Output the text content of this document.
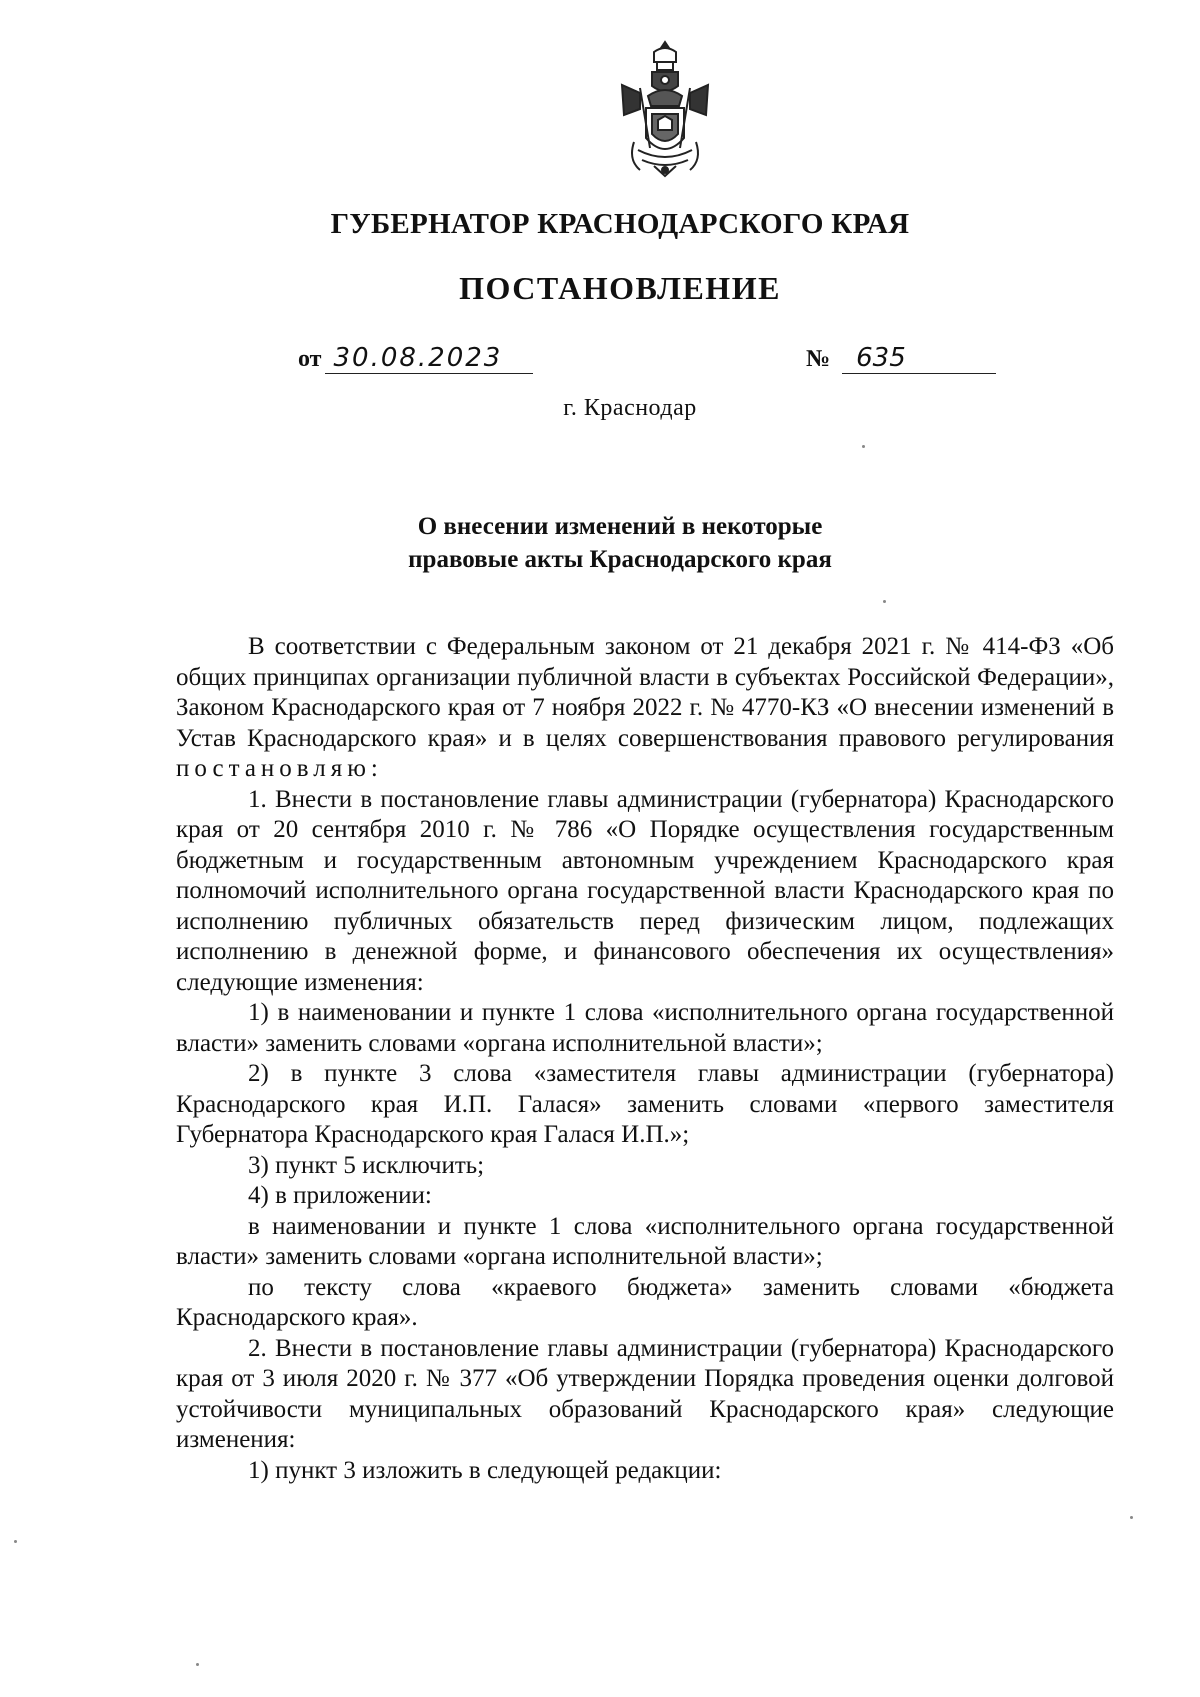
ГУБЕРНАТОР КРАСНОДАРСКОГО КРАЯ
ПОСТАНОВЛЕНИЕ
от 30.08.2023	№ 635
г. Краснодар
О внесении изменений в некоторые
правовые акты Краснодарского края

В соответствии с Федеральным законом от 21 декабря 2021 г. № 414-ФЗ «Об общих принципах организации публичной власти в субъектах Российской Федерации», Законом Краснодарского края от 7 ноября 2022 г. № 4770-КЗ «О внесении изменений в Устав Краснодарского края» и в целях совершенствования правового регулирования постановляю:

1. Внести в постановление главы администрации (губернатора) Краснодарского края от 20 сентября 2010 г. № 786 «О Порядке осуществления государственным бюджетным и государственным автономным учреждением Краснодарского края полномочий исполнительного органа государственной власти Краснодарского края по исполнению публичных обязательств перед физическим лицом, подлежащих исполнению в денежной форме, и финансового обеспечения их осуществления» следующие изменения:

1) в наименовании и пункте 1 слова «исполнительного органа государственной власти» заменить словами «органа исполнительной власти»;

2) в пункте 3 слова «заместителя главы администрации (губернатора) Краснодарского края И.П. Галася» заменить словами «первого заместителя Губернатора Краснодарского края Галася И.П.»;

3) пункт 5 исключить;

4) в приложении:

в наименовании и пункте 1 слова «исполнительного органа государственной власти» заменить словами «органа исполнительной власти»;

по тексту слова «краевого бюджета» заменить словами «бюджета Краснодарского края».

2. Внести в постановление главы администрации (губернатора) Краснодарского края от 3 июля 2020 г. № 377 «Об утверждении Порядка проведения оценки долговой устойчивости муниципальных образований Краснодарского края» следующие изменения:

1) пункт 3 изложить в следующей редакции:
